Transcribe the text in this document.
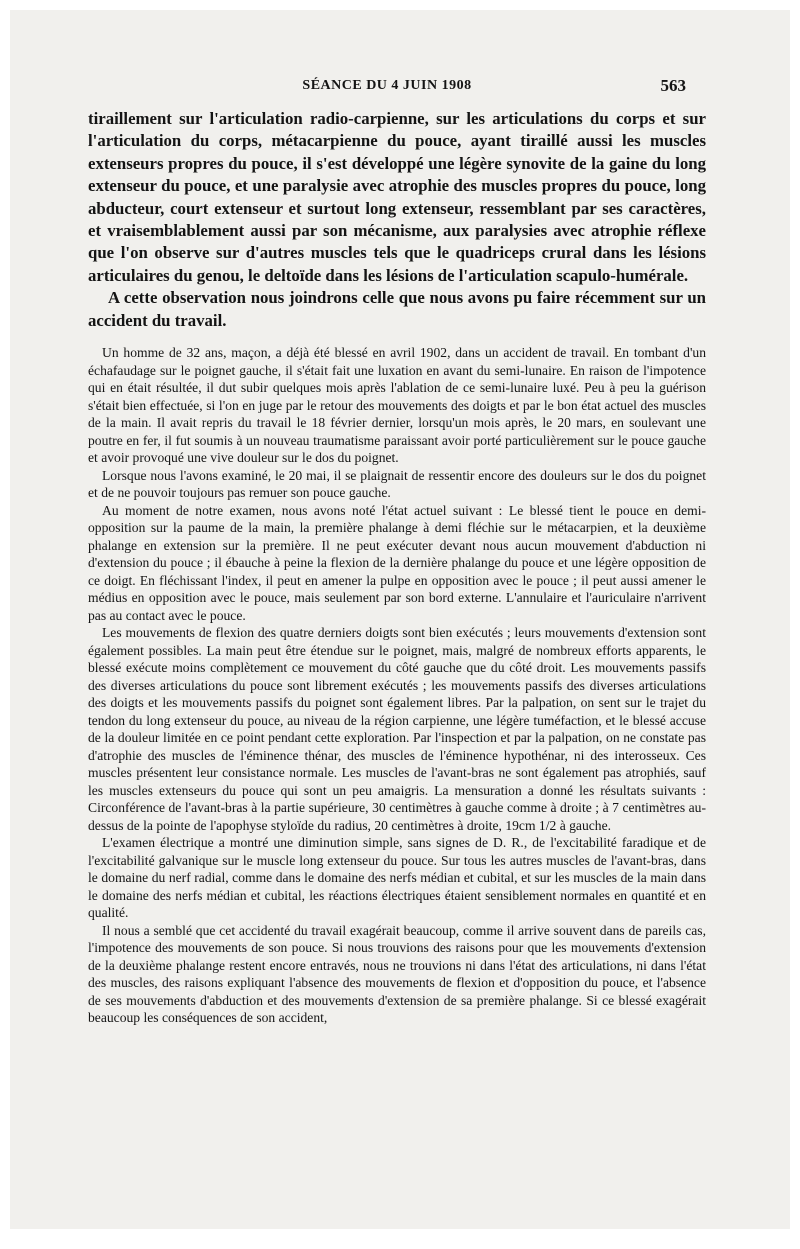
SÉANCE DU 4 JUIN 1908	563

tiraillement sur l'articulation radio-carpienne, sur les articulations du corps et sur l'articulation du corps, métacarpienne du pouce, ayant tiraillé aussi les muscles extenseurs propres du pouce, il s'est développé une légère synovite de la gaine du long extenseur du pouce, et une paralysie avec atrophie des muscles propres du pouce, long abducteur, court extenseur et surtout long extenseur, ressemblant par ses caractères, et vraisemblablement aussi par son mécanisme, aux paralysies avec atrophie réflexe que l'on observe sur d'autres muscles tels que le quadriceps crural dans les lésions articulaires du genou, le deltoïde dans les lésions de l'articulation scapulo-humérale.

A cette observation nous joindrons celle que nous avons pu faire récemment sur un accident du travail.

Un homme de 32 ans, maçon, a déjà été blessé en avril 1902, dans un accident de travail. En tombant d'un échafaudage sur le poignet gauche, il s'était fait une luxation en avant du semi-lunaire. En raison de l'impotence qui en était résultée, il dut subir quelques mois après l'ablation de ce semi-lunaire luxé. Peu à peu la guérison s'était bien effectuée, si l'on en juge par le retour des mouvements des doigts et par le bon état actuel des muscles de la main. Il avait repris du travail le 18 février dernier, lorsqu'un mois après, le 20 mars, en soulevant une poutre en fer, il fut soumis à un nouveau traumatisme paraissant avoir porté particulièrement sur le pouce gauche et avoir provoqué une vive douleur sur le dos du poignet.

Lorsque nous l'avons examiné, le 20 mai, il se plaignait de ressentir encore des douleurs sur le dos du poignet et de ne pouvoir toujours pas remuer son pouce gauche.

Au moment de notre examen, nous avons noté l'état actuel suivant : Le blessé tient le pouce en demi-opposition sur la paume de la main, la première phalange à demi fléchie sur le métacarpien, et la deuxième phalange en extension sur la première. Il ne peut exécuter devant nous aucun mouvement d'abduction ni d'extension du pouce ; il ébauche à peine la flexion de la dernière phalange du pouce et une légère opposition de ce doigt. En fléchissant l'index, il peut en amener la pulpe en opposition avec le pouce ; il peut aussi amener le médius en opposition avec le pouce, mais seulement par son bord externe. L'annulaire et l'auriculaire n'arrivent pas au contact avec le pouce.

Les mouvements de flexion des quatre derniers doigts sont bien exécutés ; leurs mouvements d'extension sont également possibles. La main peut être étendue sur le poignet, mais, malgré de nombreux efforts apparents, le blessé exécute moins complètement ce mouvement du côté gauche que du côté droit. Les mouvements passifs des diverses articulations du pouce sont librement exécutés ; les mouvements passifs des diverses articulations des doigts et les mouvements passifs du poignet sont également libres. Par la palpation, on sent sur le trajet du tendon du long extenseur du pouce, au niveau de la région carpienne, une légère tuméfaction, et le blessé accuse de la douleur limitée en ce point pendant cette exploration. Par l'inspection et par la palpation, on ne constate pas d'atrophie des muscles de l'éminence thénar, des muscles de l'éminence hypothénar, ni des interosseux. Ces muscles présentent leur consistance normale. Les muscles de l'avant-bras ne sont également pas atrophiés, sauf les muscles extenseurs du pouce qui sont un peu amaigris. La mensuration a donné les résultats suivants : Circonférence de l'avant-bras à la partie supérieure, 30 centimètres à gauche comme à droite ; à 7 centimètres au-dessus de la pointe de l'apophyse styloïde du radius, 20 centimètres à droite, 19cm 1/2 à gauche.

L'examen électrique a montré une diminution simple, sans signes de D. R., de l'excitabilité faradique et de l'excitabilité galvanique sur le muscle long extenseur du pouce. Sur tous les autres muscles de l'avant-bras, dans le domaine du nerf radial, comme dans le domaine des nerfs médian et cubital, et sur les muscles de la main dans le domaine des nerfs médian et cubital, les réactions électriques étaient sensiblement normales en quantité et en qualité.

Il nous a semblé que cet accidenté du travail exagérait beaucoup, comme il arrive souvent dans de pareils cas, l'impotence des mouvements de son pouce. Si nous trouvions des raisons pour que les mouvements d'extension de la deuxième phalange restent encore entravés, nous ne trouvions ni dans l'état des articulations, ni dans l'état des muscles, des raisons expliquant l'absence des mouvements de flexion et d'opposition du pouce, et l'absence de ses mouvements d'abduction et des mouvements d'extension de sa première phalange. Si ce blessé exagérait beaucoup les conséquences de son accident,
